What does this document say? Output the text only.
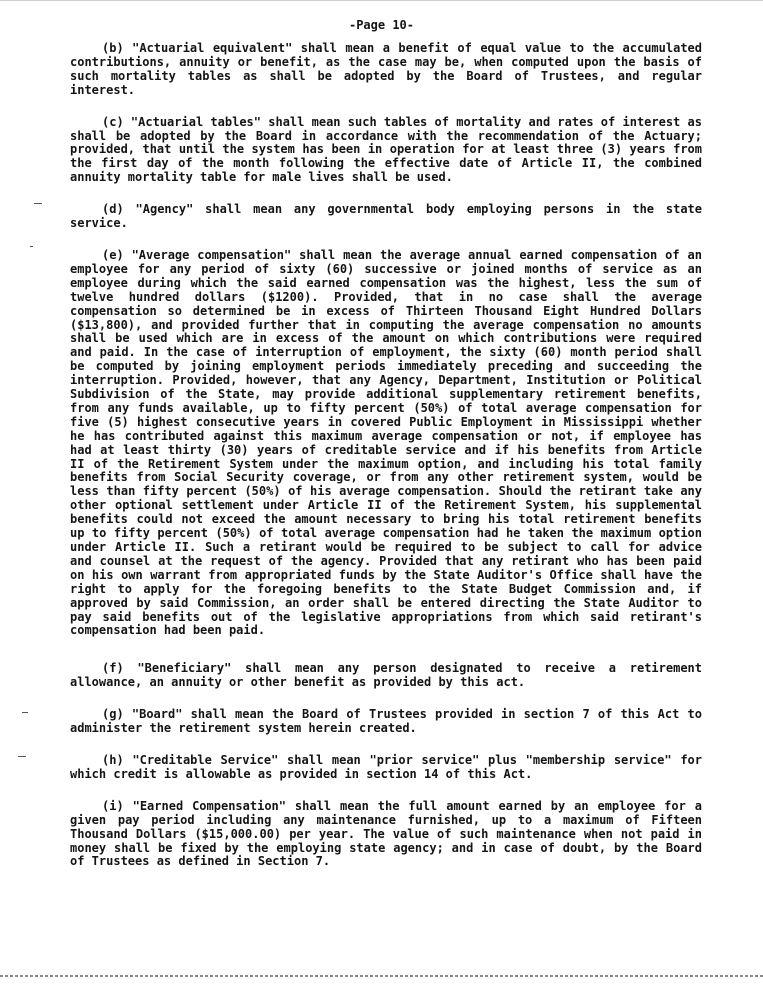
-Page 10-

(b) "Actuarial equivalent" shall mean a benefit of equal value to the accumulated contributions, annuity or benefit, as the case may be, when computed upon the basis of such mortality tables as shall be adopted by the Board of Trustees, and regular interest.

(c) "Actuarial tables" shall mean such tables of mortality and rates of interest as shall be adopted by the Board in accordance with the recommendation of the Actuary; provided, that until the system has been in operation for at least three (3) years from the first day of the month following the effective date of Article II, the combined annuity mortality table for male lives shall be used.

(d) "Agency" shall mean any governmental body employing persons in the state service.

(e) "Average compensation" shall mean the average annual earned compensation of an employee for any period of sixty (60) successive or joined months of service as an employee during which the said earned compensation was the highest, less the sum of twelve hundred dollars ($1200). Provided, that in no case shall the average compensation so determined be in excess of Thirteen Thousand Eight Hundred Dollars ($13,800), and provided further that in computing the average compensation no amounts shall be used which are in excess of the amount on which contributions were required and paid. In the case of interruption of employment, the sixty (60) month period shall be computed by joining employment periods immediately preceding and succeeding the interruption. Provided, however, that any Agency, Department, Institution or Political Subdivision of the State, may provide additional supplementary retirement benefits, from any funds available, up to fifty percent (50%) of total average compensation for five (5) highest consecutive years in covered Public Employment in Mississippi whether he has contributed against this maximum average compensation or not, if employee has had at least thirty (30) years of creditable service and if his benefits from Article II of the Retirement System under the maximum option, and including his total family benefits from Social Security coverage, or from any other retirement system, would be less than fifty percent (50%) of his average compensation. Should the retirant take any other optional settlement under Article II of the Retirement System, his supplemental benefits could not exceed the amount necessary to bring his total retirement benefits up to fifty percent (50%) of total average compensation had he taken the maximum option under Article II. Such a retirant would be required to be subject to call for advice and counsel at the request of the agency. Provided that any retirant who has been paid on his own warrant from appropriated funds by the State Auditor's Office shall have the right to apply for the foregoing benefits to the State Budget Commission and, if approved by said Commission, an order shall be entered directing the State Auditor to pay said benefits out of the legislative appropriations from which said retirant's compensation had been paid.

(f) "Beneficiary" shall mean any person designated to receive a retirement allowance, an annuity or other benefit as provided by this act.

(g) "Board" shall mean the Board of Trustees provided in section 7 of this Act to administer the retirement system herein created.

(h) "Creditable Service" shall mean "prior service" plus "membership service" for which credit is allowable as provided in section 14 of this Act.

(i) "Earned Compensation" shall mean the full amount earned by an employee for a given pay period including any maintenance furnished, up to a maximum of Fifteen Thousand Dollars ($15,000.00) per year. The value of such maintenance when not paid in money shall be fixed by the employing state agency; and in case of doubt, by the Board of Trustees as defined in Section 7.
